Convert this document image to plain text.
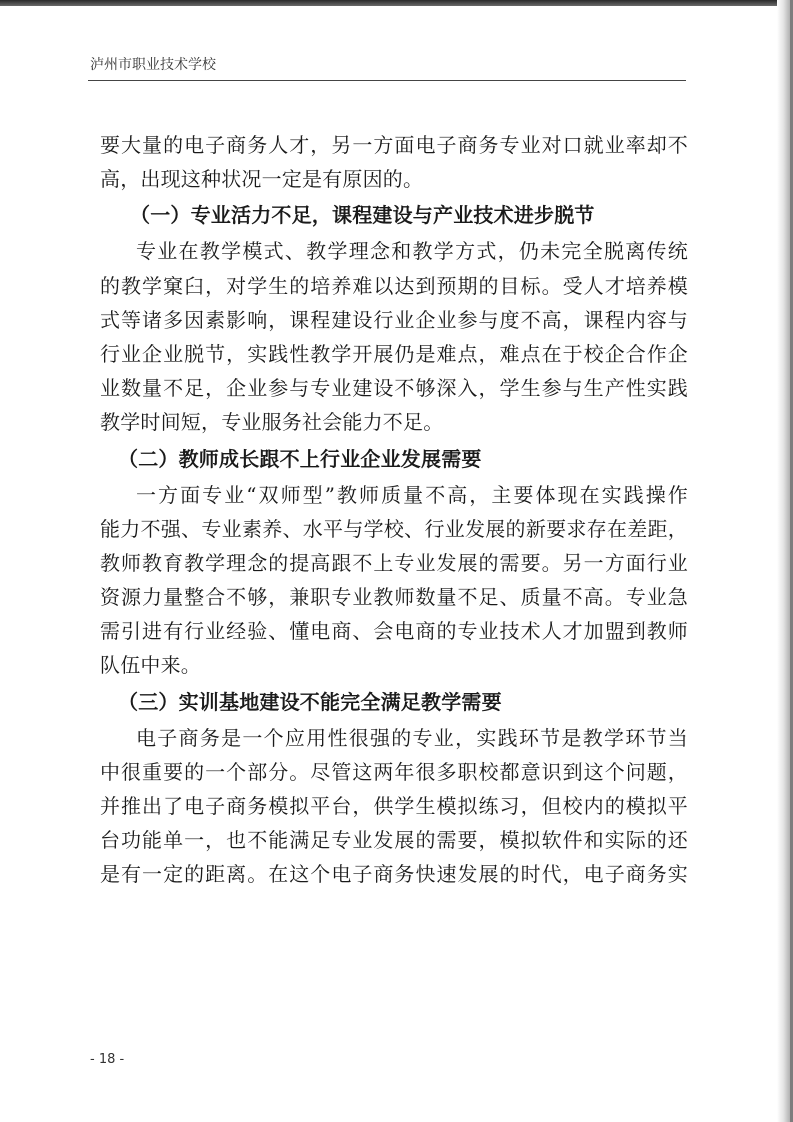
泸州市职业技术学校
要大量的电子商务人才，另一方面电子商务专业对口就业率却不
高，出现这种状况一定是有原因的。
（一）专业活力不足，课程建设与产业技术进步脱节
专业在教学模式、教学理念和教学方式，仍未完全脱离传统
的教学窠臼，对学生的培养难以达到预期的目标。受人才培养模
式等诸多因素影响，课程建设行业企业参与度不高，课程内容与
行业企业脱节，实践性教学开展仍是难点，难点在于校企合作企
业数量不足，企业参与专业建设不够深入，学生参与生产性实践
教学时间短，专业服务社会能力不足。
（二）教师成长跟不上行业企业发展需要
一方面专业“双师型”教师质量不高，主要体现在实践操作
能力不强、专业素养、水平与学校、行业发展的新要求存在差距，
教师教育教学理念的提高跟不上专业发展的需要。另一方面行业
资源力量整合不够，兼职专业教师数量不足、质量不高。专业急
需引进有行业经验、懂电商、会电商的专业技术人才加盟到教师
队伍中来。
（三）实训基地建设不能完全满足教学需要
电子商务是一个应用性很强的专业，实践环节是教学环节当
中很重要的一个部分。尽管这两年很多职校都意识到这个问题，
并推出了电子商务模拟平台，供学生模拟练习，但校内的模拟平
台功能单一，也不能满足专业发展的需要，模拟软件和实际的还
是有一定的距离。在这个电子商务快速发展的时代，电子商务实
- 18 -
